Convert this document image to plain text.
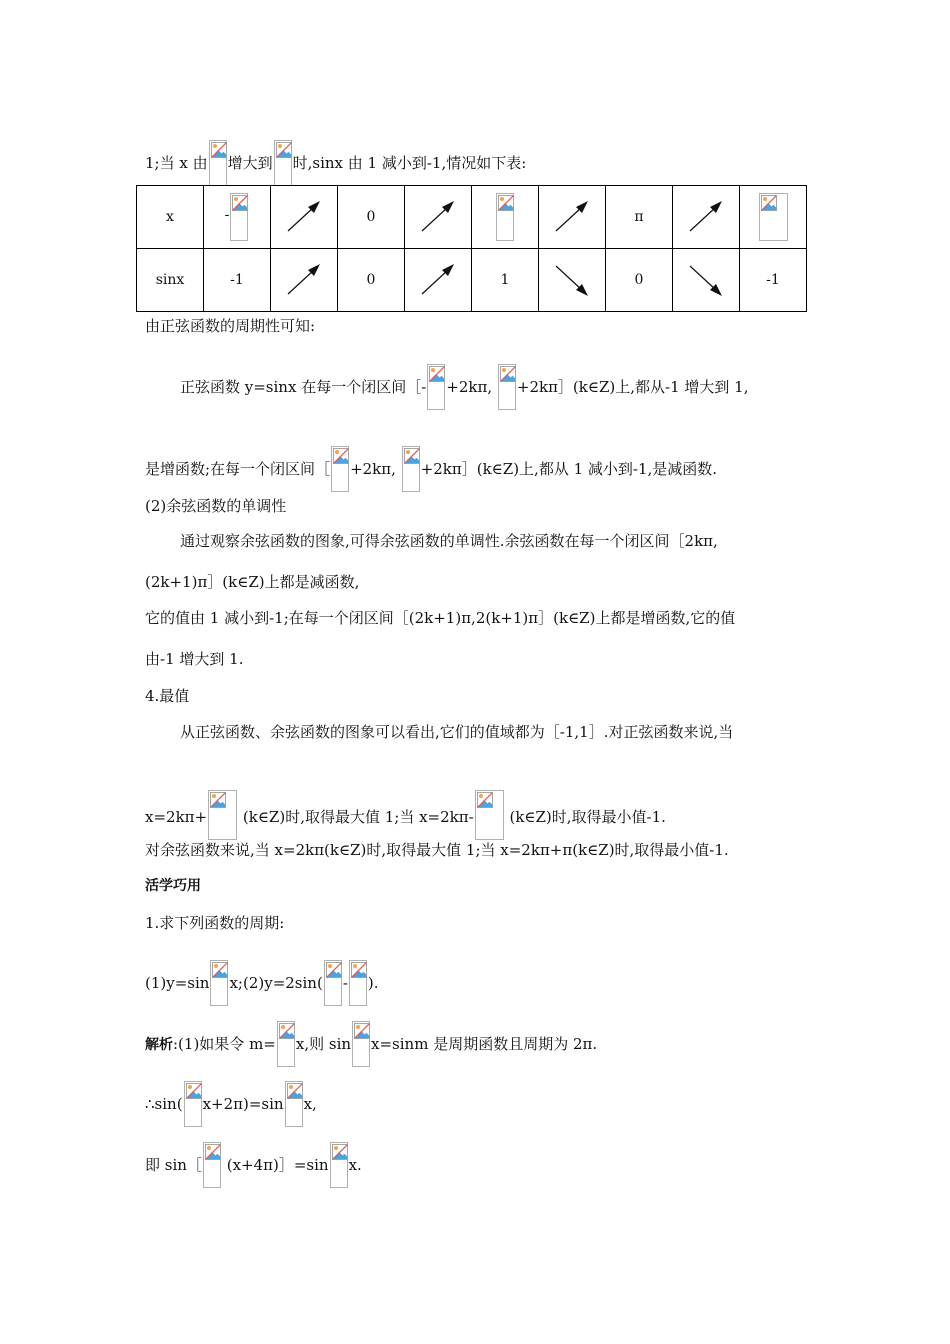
1;当 x 由 增大到 时,sinx 由 1 减小到-1,情况如下表:
x	-		0				π	

sinx	-1		0		1		0		-1
由正弦函数的周期性可知:
正弦函数 y=sinx 在每一个闭区间［- +2kπ, +2kπ］(k∈Z)上,都从-1 增大到 1,
是增函数;在每一个闭区间［ +2kπ, +2kπ］(k∈Z)上,都从 1 减小到-1,是减函数.
(2)余弦函数的单调性
通过观察余弦函数的图象,可得余弦函数的单调性.余弦函数在每一个闭区间［2kπ,
(2k+1)π］(k∈Z)上都是减函数,
它的值由 1 减小到-1;在每一个闭区间［(2k+1)π,2(k+1)π］(k∈Z)上都是增函数,它的值
由-1 增大到 1.
4.最值
从正弦函数、余弦函数的图象可以看出,它们的值域都为［-1,1］.对正弦函数来说,当
x=2kπ+ (k∈Z)时,取得最大值 1;当 x=2kπ- (k∈Z)时,取得最小值-1.
对余弦函数来说,当 x=2kπ(k∈Z)时,取得最大值 1;当 x=2kπ+π(k∈Z)时,取得最小值-1.
活学巧用
1.求下列函数的周期:
(1)y=sin x;(2)y=2sin( - ).
解析:(1)如果令 m= x,则 sin x=sinm 是周期函数且周期为 2π.
∴sin( x+2π)=sin x,
即 sin［ (x+4π)］=sin x.
